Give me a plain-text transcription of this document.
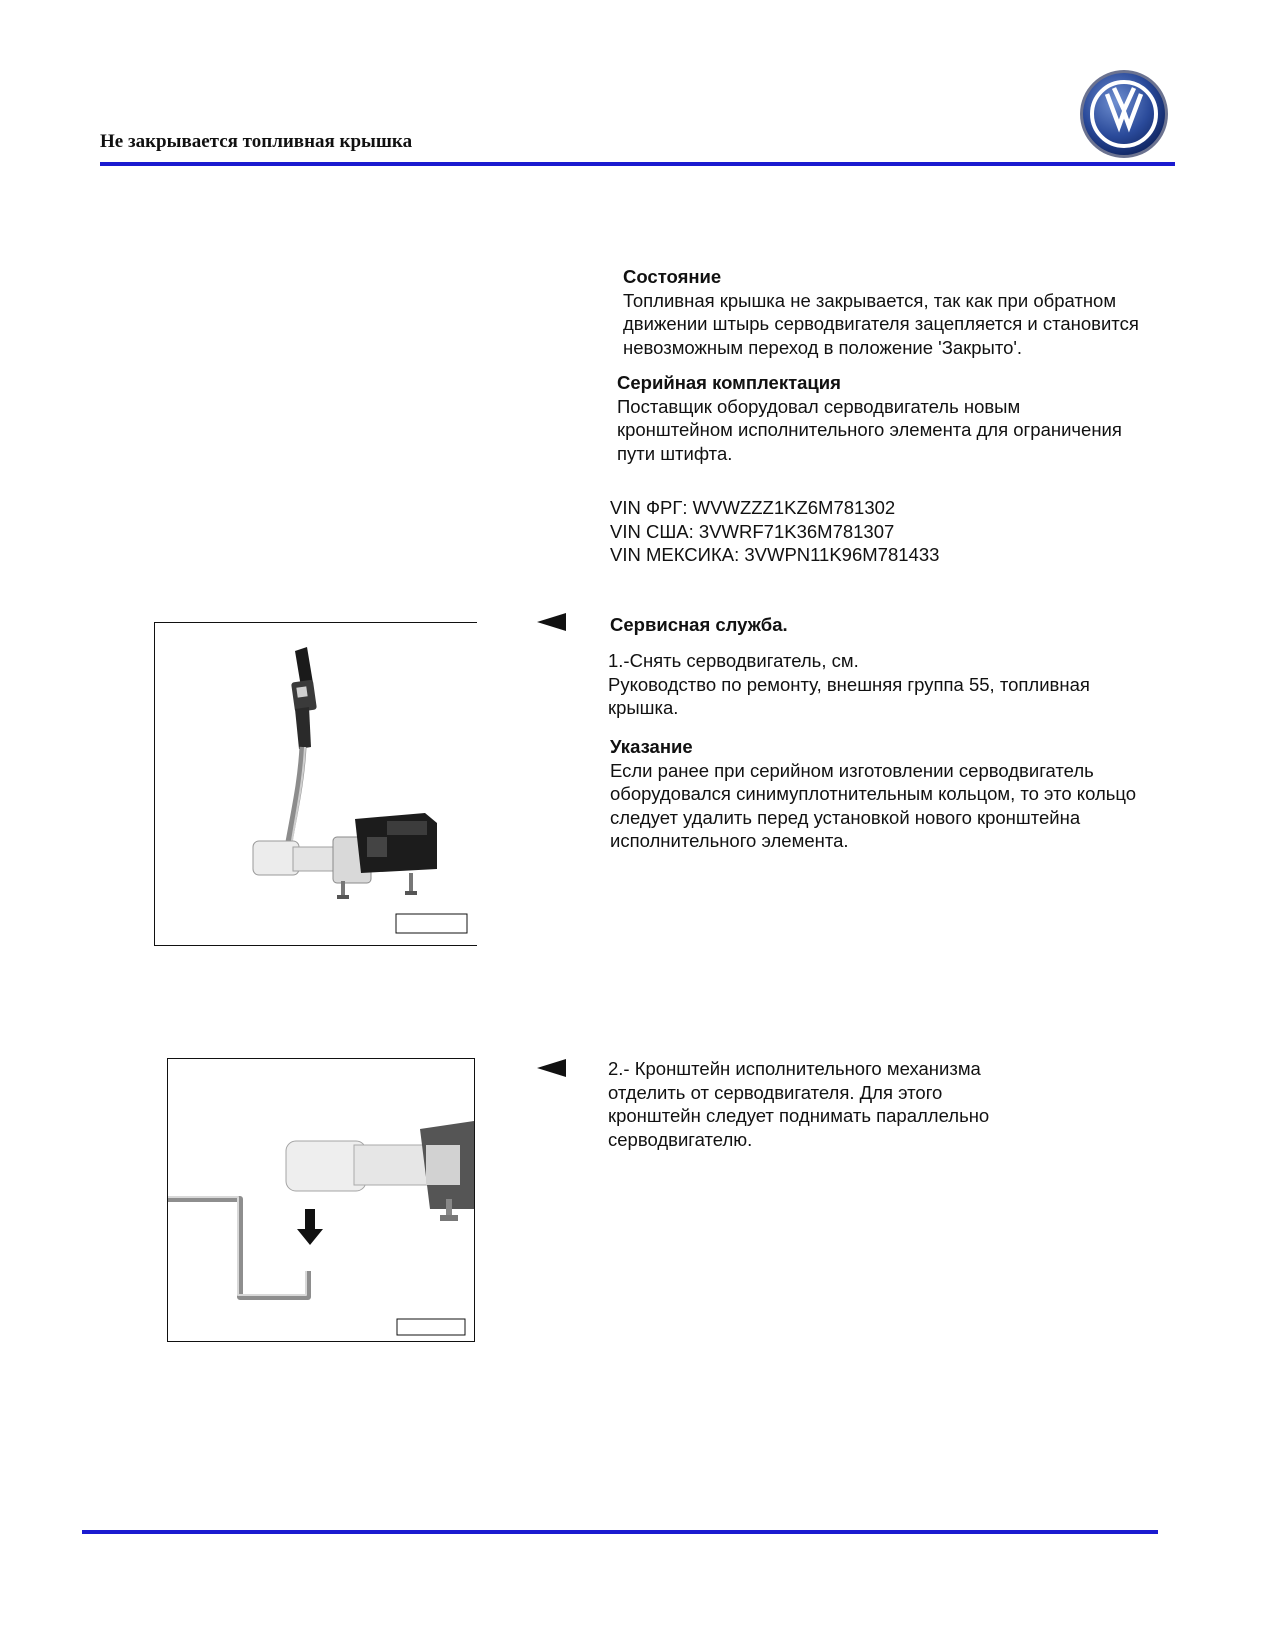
Не закрывается топливная крышка
Состояние
Топливная крышка не закрывается, так как при обратном
движении штырь серводвигателя зацепляется и становится
невозможным переход в положение 'Закрыто'.
Серийная комплектация
Поставщик оборудовал серводвигатель новым
кронштейном исполнительного элемента для ограничения
пути штифта.
VIN ФРГ: WVWZZZ1KZ6M781302
VIN США: 3VWRF71K36M781307
VIN МЕКСИКА: 3VWPN11K96M781433
Сервисная служба.
1.-Снять серводвигатель, см.
Руководство по ремонту, внешняя группа 55, топливная
крышка.
Указание
Если ранее при серийном изготовлении серводвигатель
оборудовался синимуплотнительным кольцом, то это кольцо
следует удалить перед установкой нового кронштейна
исполнительного элемента.
2.- Кронштейн исполнительного механизма
отделить от серводвигателя. Для этого
кронштейн следует поднимать параллельно
серводвигателю.
